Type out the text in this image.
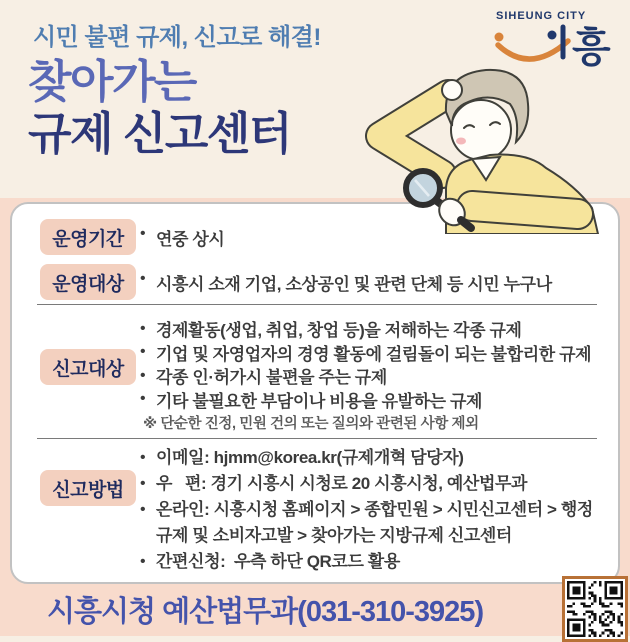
시민 불편 규제, 신고로 해결!
찾아가는
규제 신고센터
SIHEUNG CITY
흥
운영기간	• 연중 상시
운영대상	• 시흥시 소재 기업, 소상공인 및 관련 단체 등 시민 누구나
신고대상
• 경제활동(생업, 취업, 창업 등)을 저해하는 각종 규제
• 기업 및 자영업자의 경영 활동에 걸림돌이 되는 불합리한 규제
• 각종 인·허가시 불편을 주는 규제
• 기타 불필요한 부담이나 비용을 유발하는 규제
※ 단순한 진정, 민원 건의 또는 질의와 관련된 사항 제외
신고방법
• 이메일: hjmm@korea.kr(규제개혁 담당자)
• 우   편: 경기 시흥시 시청로 20 시흥시청, 예산법무과
• 온라인: 시흥시청 홈페이지 > 종합민원 > 시민신고센터 > 행정규제 및 소비자고발 > 찾아가는 지방규제 신고센터
• 간편신청:  우측 하단 QR코드 활용
시흥시청 예산법무과(031-310-3925)
